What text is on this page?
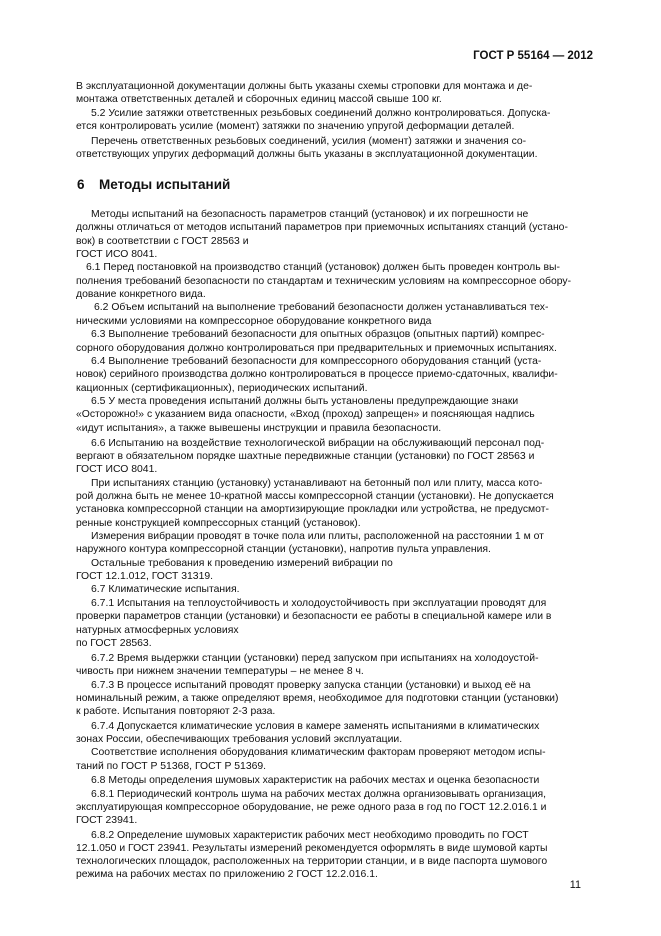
ГОСТ Р 55164 — 2012
В эксплуатационной документации должны быть указаны схемы строповки для монтажа и де-
монтажа ответственных деталей и сборочных единиц массой свыше 100 кг.
5.2 Усилие затяжки ответственных резьбовых соединений должно контролироваться. Допуска-
ется контролировать усилие (момент) затяжки по значению упругой деформации деталей.
Перечень ответственных резьбовых соединений, усилия (момент) затяжки и значения со-
ответствующих упругих деформаций должны быть указаны в эксплуатационной документации.
6 Методы испытаний
Методы испытаний на безопасность параметров станций (установок) и их погрешности не
должны отличаться от методов испытаний параметров при приемочных испытаниях станций (устано-
вок) в соответствии с ГОСТ 28563 и
ГОСТ ИСО 8041.
6.1 Перед постановкой на производство станций (установок) должен быть проведен контроль вы-
полнения требований безопасности по стандартам и техническим условиям на компрессорное обору-
дование конкретного вида.
6.2 Объем испытаний на выполнение требований безопасности должен устанавливаться тех-
ническими условиями на компрессорное оборудование конкретного вида
6.3 Выполнение требований безопасности для опытных образцов (опытных партий) компрес-
сорного оборудования должно контролироваться при предварительных и приемочных испытаниях.
6.4 Выполнение требований безопасности для компрессорного оборудования станций (уста-
новок) серийного производства должно контролироваться в процессе приемо-сдаточных, квалифи-
кационных (сертификационных), периодических испытаний.
6.5 У места проведения испытаний должны быть установлены предупреждающие знаки
«Осторожно!» с указанием вида опасности, «Вход (проход) запрещен» и поясняющая надпись
«идут испытания», а также вывешены инструкции и правила безопасности.
6.6 Испытанию на воздействие технологической вибрации на обслуживающий персонал под-
вергают в обязательном порядке шахтные передвижные станции (установки) по ГОСТ 28563 и
ГОСТ ИСО 8041.
При испытаниях станцию (установку) устанавливают на бетонный пол или плиту, масса кото-
рой должна быть не менее 10-кратной массы компрессорной станции (установки). Не допускается
установка компрессорной станции на амортизирующие прокладки или устройства, не предусмот-
ренные конструкцией компрессорных станций (установок).
Измерения вибрации проводят в точке пола или плиты, расположенной на расстоянии 1 м от
наружного контура компрессорной станции (установки), напротив пульта управления.
Остальные требования к проведению измерений вибрации по
ГОСТ 12.1.012, ГОСТ 31319.
6.7 Климатические испытания.
6.7.1 Испытания на теплоустойчивость и холодоустойчивость при эксплуатации проводят для
проверки параметров станции (установки) и безопасности ее работы в специальной камере или в
натурных атмосферных условиях
по ГОСТ 28563.
6.7.2 Время выдержки станции (установки) перед запуском при испытаниях на холодоустой-
чивость при нижнем значении температуры – не менее 8 ч.
6.7.3 В процессе испытаний проводят проверку запуска станции (установки) и выход её на
номинальный режим, а также определяют время, необходимое для подготовки станции (установки)
к работе. Испытания повторяют 2-3 раза.
6.7.4 Допускается климатические условия в камере заменять испытаниями в климатических
зонах России, обеспечивающих требования условий эксплуатации.
Соответствие исполнения оборудования климатическим факторам проверяют методом испы-
таний по ГОСТ Р 51368, ГОСТ Р 51369.
6.8 Методы определения шумовых характеристик на рабочих местах и оценка безопасности
6.8.1 Периодический контроль шума на рабочих местах должна организовывать организация,
эксплуатирующая компрессорное оборудование, не реже одного раза в год по ГОСТ 12.2.016.1 и
ГОСТ 23941.
6.8.2 Определение шумовых характеристик рабочих мест необходимо проводить по ГОСТ
12.1.050 и ГОСТ 23941. Результаты измерений рекомендуется оформлять в виде шумовой карты
технологических площадок, расположенных на территории станции, и в виде паспорта шумового
режима на рабочих местах по приложению 2 ГОСТ 12.2.016.1.
11
